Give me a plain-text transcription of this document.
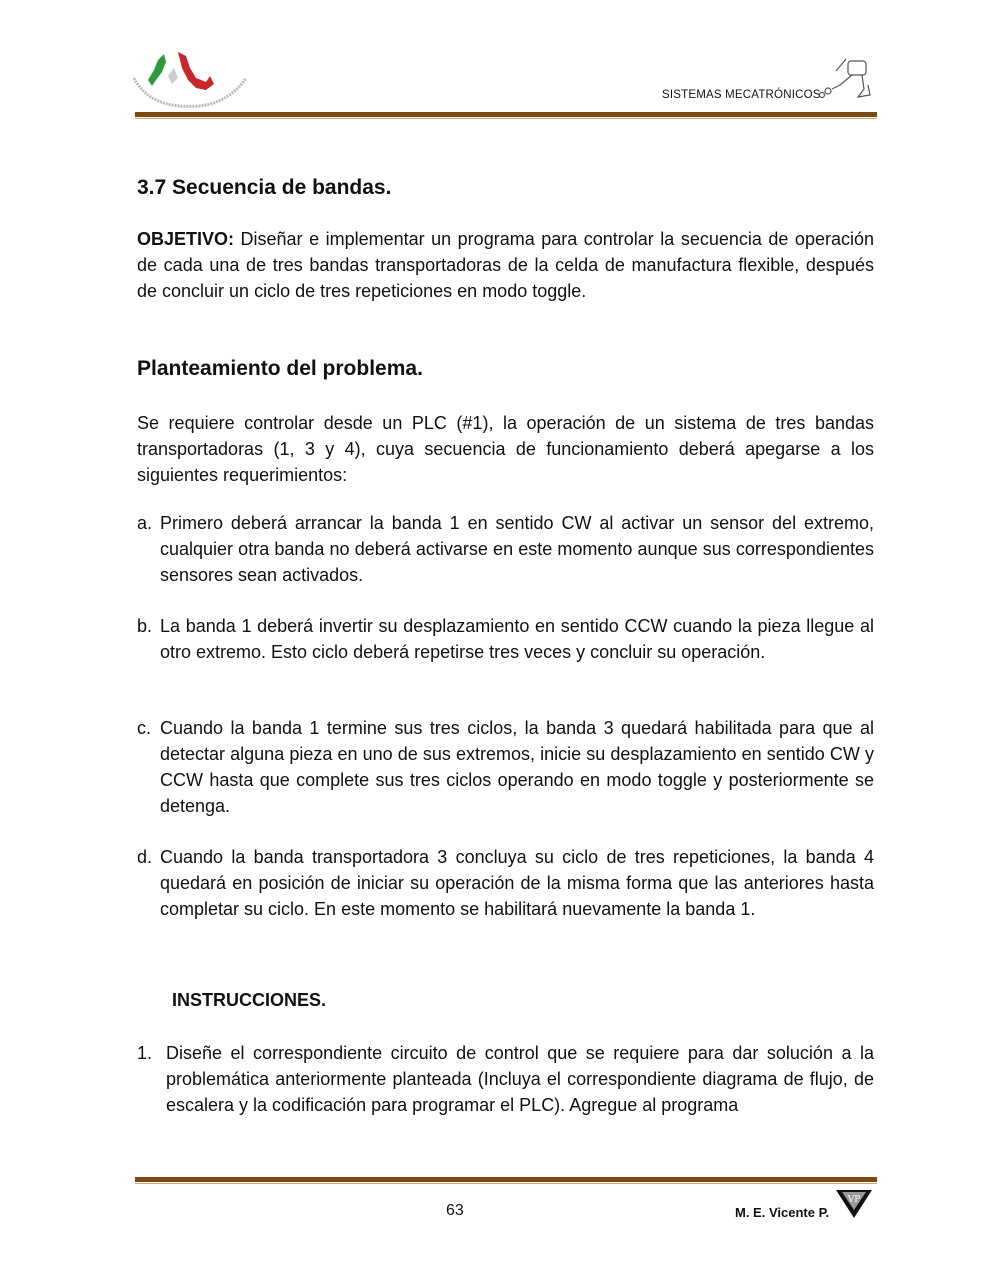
SISTEMAS MECATRÓNICOS
3.7 Secuencia de bandas.
OBJETIVO: Diseñar e implementar un programa para controlar la secuencia de operación de cada una de tres bandas transportadoras de la celda de manufactura flexible, después de concluir un ciclo de tres repeticiones en modo toggle.
Planteamiento del problema.
Se requiere controlar desde un PLC (#1), la operación de un sistema de tres bandas transportadoras (1, 3 y 4), cuya secuencia de funcionamiento deberá apegarse a los siguientes requerimientos:
a. Primero deberá arrancar la banda 1 en sentido CW al activar un sensor del extremo, cualquier otra banda no deberá activarse en este momento aunque sus correspondientes sensores sean activados.
b. La banda 1 deberá invertir su desplazamiento en sentido CCW cuando la pieza llegue al otro extremo. Esto ciclo deberá repetirse tres veces y concluir su operación.
c. Cuando la banda 1 termine sus tres ciclos, la banda 3 quedará habilitada para que al detectar alguna pieza en uno de sus extremos, inicie su desplazamiento en sentido CW y CCW hasta que complete sus tres ciclos operando en modo toggle y posteriormente se detenga.
d. Cuando la banda transportadora 3 concluya su ciclo de tres repeticiones, la banda 4 quedará en posición de iniciar su operación de la misma forma que las anteriores hasta completar su ciclo. En este momento se habilitará nuevamente la banda 1.
INSTRUCCIONES.
1. Diseñe el correspondiente circuito de control que se requiere para dar solución a la problemática anteriormente planteada (Incluya el correspondiente diagrama de flujo, de escalera y la codificación para programar el PLC). Agregue al programa
63	M. E. Vicente P.
VP
